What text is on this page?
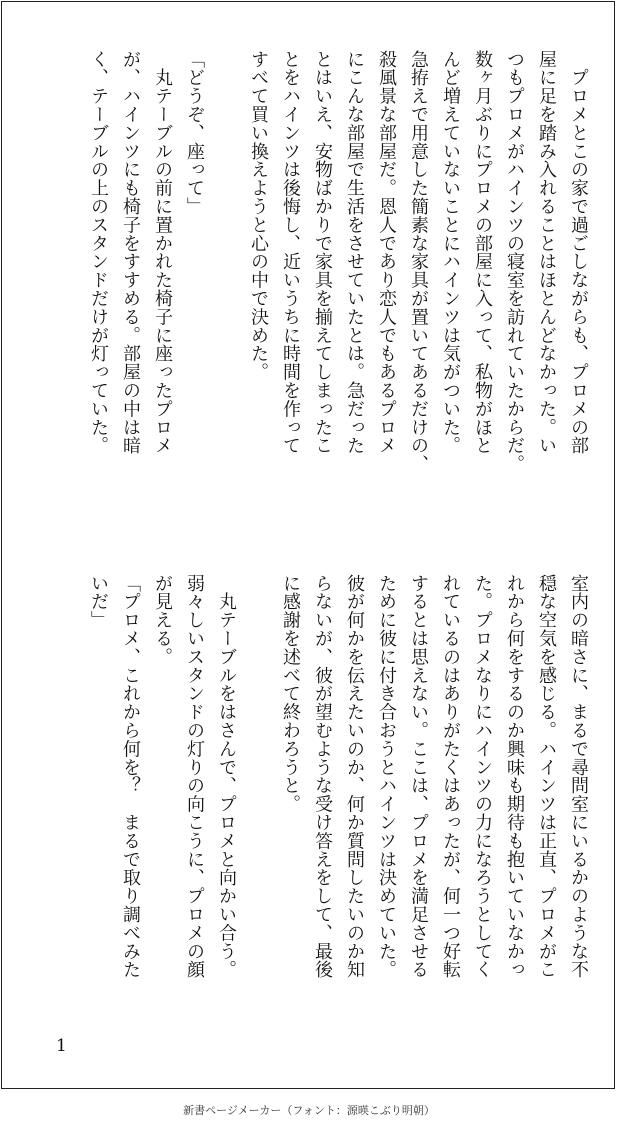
　プロメとこの家で過ごしながらも、プロメの部
屋に足を踏み入れることはほとんどなかった。い
つもプロメがハインツの寝室を訪れていたからだ。
数ヶ月ぶりにプロメの部屋に入って、私物がほと
んど増えていないことにハインツは気がついた。
急拵えで用意した簡素な家具が置いてあるだけの、
殺風景な部屋だ。恩人であり恋人でもあるプロメ
にこんな部屋で生活をさせていたとは。急だった
とはいえ、安物ばかりで家具を揃えてしまったこ
とをハインツは後悔し、近いうちに時間を作って
すべて買い換えようと心の中で決めた。
「どうぞ、座って」
　丸テーブルの前に置かれた椅子に座ったプロメ
が、ハインツにも椅子をすすめる。部屋の中は暗
く、テーブルの上のスタンドだけが灯っていた。
室内の暗さに、まるで尋問室にいるかのような不
穏な空気を感じる。ハインツは正直、プロメがこ
れから何をするのか興味も期待も抱いていなかっ
た。プロメなりにハインツの力になろうとしてく
れているのはありがたくはあったが、何一つ好転
するとは思えない。ここは、プロメを満足させる
ために彼に付き合おうとハインツは決めていた。
彼が何かを伝えたいのか、何か質問したいのか知
らないが、彼が望むような受け答えをして、最後
に感謝を述べて終わろうと。
　丸テーブルをはさんで、プロメと向かい合う。
弱々しいスタンドの灯りの向こうに、プロメの顔
が見える。
「プロメ、これから何を？　まるで取り調べみた
いだ」
1
新書ページメーカー（フォント：源暎こぶり明朝）
